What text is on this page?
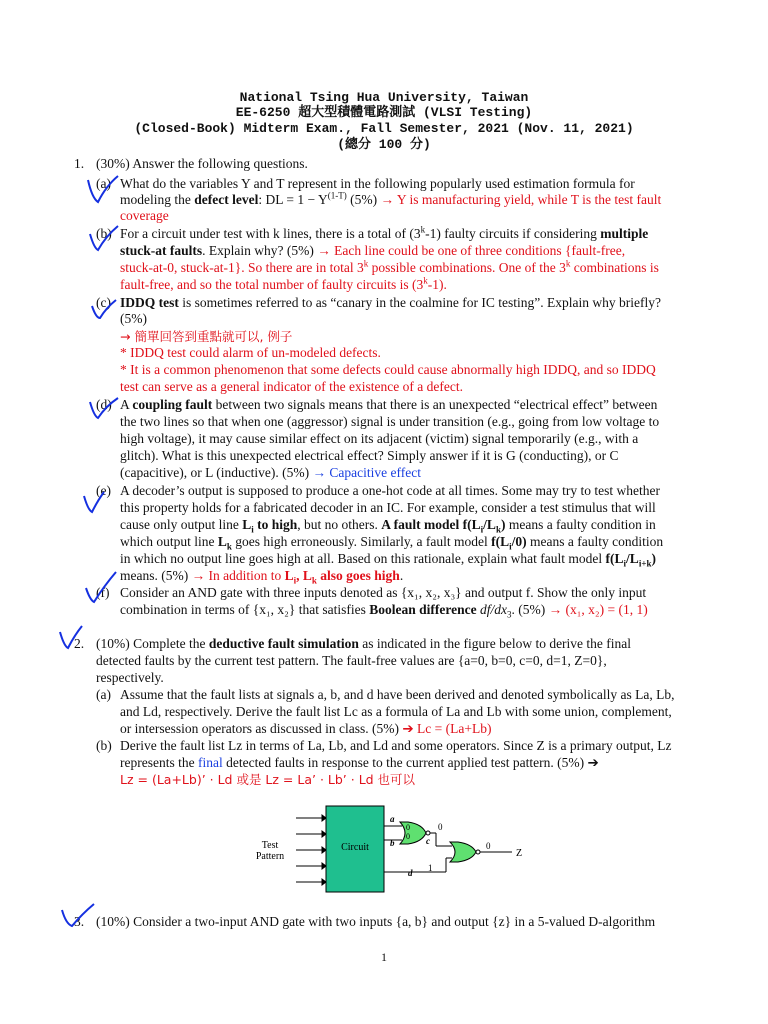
National Tsing Hua University, Taiwan
EE-6250 超大型積體電路測試 (VLSI Testing)
(Closed-Book) Midterm Exam., Fall Semester, 2021 (Nov. 11, 2021)
(總分 100 分)
1. (30%) Answer the following questions.
(a) What do the variables Y and T represent in the following popularly used estimation formula for
modeling the defect level: DL = $1 - Y^{(1-T)}$ (5%) → Y is manufacturing yield, while T is the test fault
coverage
(b) For a circuit under test with k lines, there is a total of (3$^k$-1) faulty circuits if considering multiple
stuck-at faults. Explain why? (5%) → Each line could be one of three conditions {fault-free,
stuck-at-0, stuck-at-1}. So there are in total 3$^k$ possible combinations. One of the 3$^k$ combinations is
fault-free, and so the total number of faulty circuits is (3$^k$-1).
(c) IDDQ test is sometimes referred to as “canary in the coalmine for IC testing”. Explain why briefly?
(5%)
→ 簡單回答到重點就可以, 例子
* IDDQ test could alarm of un-modeled defects.
* It is a common phenomenon that some defects could cause abnormally high IDDQ, and so IDDQ
test can serve as a general indicator of the existence of a defect.
(d) A coupling fault between two signals means that there is an unexpected “electrical effect” between
the two lines so that when one (aggressor) signal is under transition (e.g., going from low voltage to
high voltage), it may cause similar effect on its adjacent (victim) signal temporarily (e.g., with a
glitch). What is this unexpected electrical effect? Simply answer if it is G (conducting), or C
(capacitive), or L (inductive). (5%) → Capacitive effect
(e) A decoder’s output is supposed to produce a one-hot code at all times. Some may try to test whether
this property holds for a fabricated decoder in an IC. For example, consider a test stimulus that will
cause only output line $L_i$ to high, but no others. A fault model $f(L_i/L_k)$ means a faulty condition in
which output line $L_k$ goes high erroneously. Similarly, a fault model $f(L_i/0)$ means a faulty condition
in which no output line goes high at all. Based on this rationale, explain what fault model $f(L_i/L_{i+k})$
means. (5%) → In addition to $L_i$, $L_k$ also goes high.
(f) Consider an AND gate with three inputs denoted as {x₁, x₂, x₃} and output f. Show the only input
combination in terms of {x₁, x₂} that satisfies Boolean difference $df/dx_3$. (5%) → (x₁, x₂) = (1, 1)
2. (10%) Complete the deductive fault simulation as indicated in the figure below to derive the final
detected faults by the current test pattern. The fault-free values are {a=0, b=0, c=0, d=1, Z=0},
respectively.
(a) Assume that the fault lists at signals a, b, and d have been derived and denoted symbolically as La, Lb,
and Ld, respectively. Derive the fault list Lc as a formula of La and Lb with some union, complement,
or intersession operators as discussed in class. (5%) ➔ Lc = (La+Lb)
(b) Derive the fault list Lz in terms of La, Lb, and Ld and some operators. Since Z is a primary output, Lz
represents the final detected faults in response to the current applied test pattern. (5%) ➔
Lz = (La+Lb)’ · Ld 或是 Lz = La’ · Lb’ · Ld 也可以
Test
Pattern
Circuit
a
b
0
0
0
c	0
Z
d 1
3. (10%) Consider a two-input AND gate with two inputs {a, b} and output {z} in a 5-valued D-algorithm
1
